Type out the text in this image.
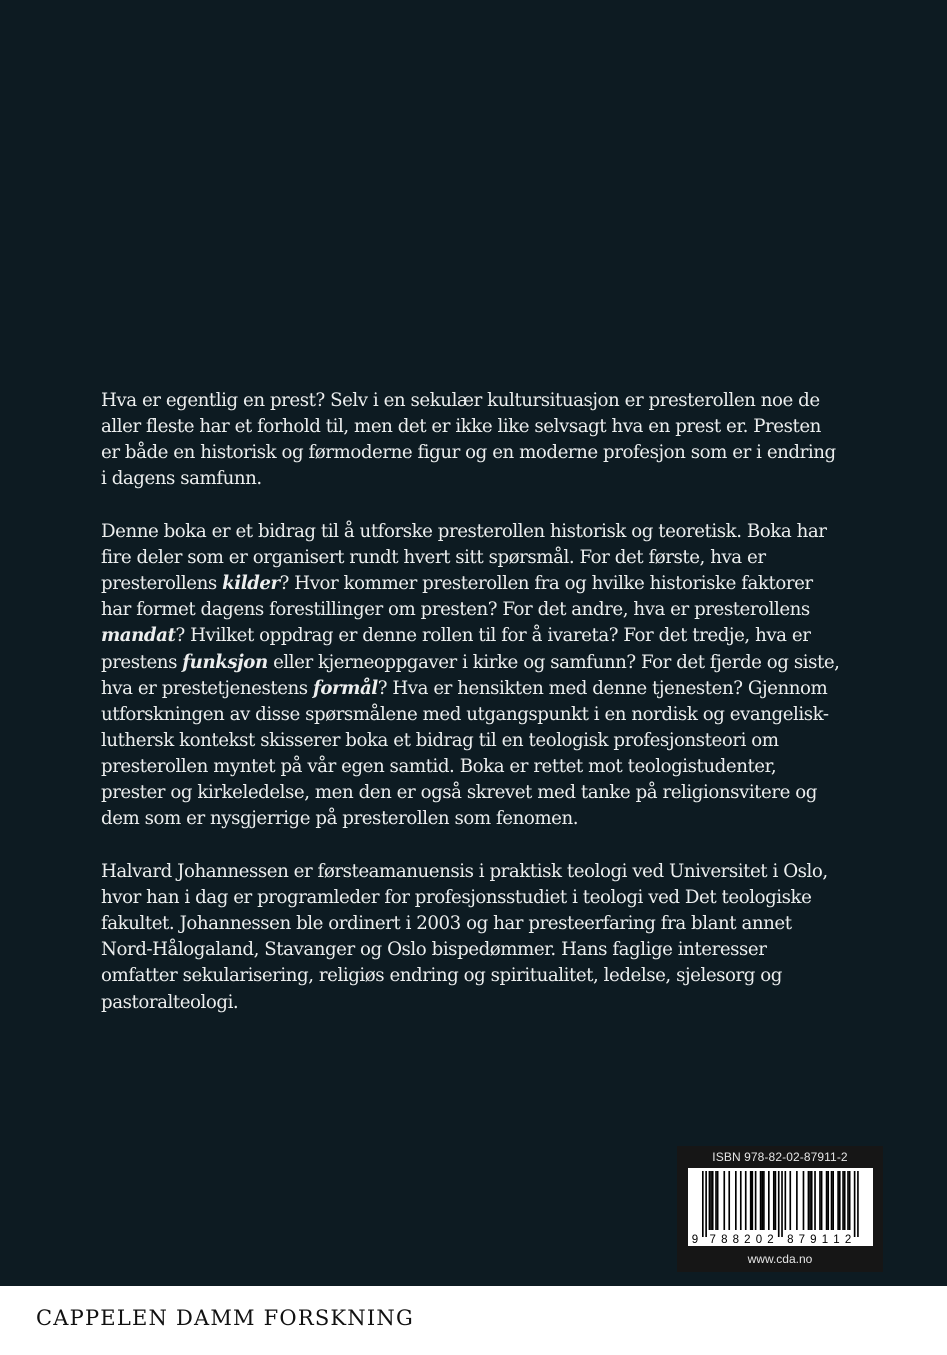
Hva er egentlig en prest? Selv i en sekulær kultursituasjon er presterollen noe de aller fleste har et forhold til, men det er ikke like selvsagt hva en prest er. Presten er både en historisk og førmoderne figur og en moderne profesjon som er i endring i dagens samfunn.

Denne boka er et bidrag til å utforske presterollen historisk og teoretisk. Boka har fire deler som er organisert rundt hvert sitt spørsmål. For det første, hva er presterollens kilder? Hvor kommer presterollen fra og hvilke historiske faktorer har formet dagens forestillinger om presten? For det andre, hva er presterollens mandat? Hvilket oppdrag er denne rollen til for å ivareta? For det tredje, hva er prestens funksjon eller kjerneoppgaver i kirke og samfunn? For det fjerde og siste, hva er prestetjenestens formål? Hva er hensikten med denne tjenesten? Gjennom utforskningen av disse spørsmålene med utgangspunkt i en nordisk og evangelisk-luthersk kontekst skisserer boka et bidrag til en teologisk profesjonsteori om presterollen myntet på vår egen samtid. Boka er rettet mot teologistudenter, prester og kirkeledelse, men den er også skrevet med tanke på religionsvitere og dem som er nysgjerrige på presterollen som fenomen.

Halvard Johannessen er førsteamanuensis i praktisk teologi ved Universitet i Oslo, hvor han i dag er programleder for profesjonsstudiet i teologi ved Det teologiske fakultet. Johannessen ble ordinert i 2003 og har presteerfaring fra blant annet Nord-Hålogaland, Stavanger og Oslo bispedømmer. Hans faglige interesser omfatter sekularisering, religiøs endring og spiritualitet, ledelse, sjelesorg og pastoralteologi.

ISBN 978-82-02-87911-2
9 7 8 8 2 0 2 8 7 9 1 1 2
www.cda.no
CAPPELEN DAMM FORSKNING
